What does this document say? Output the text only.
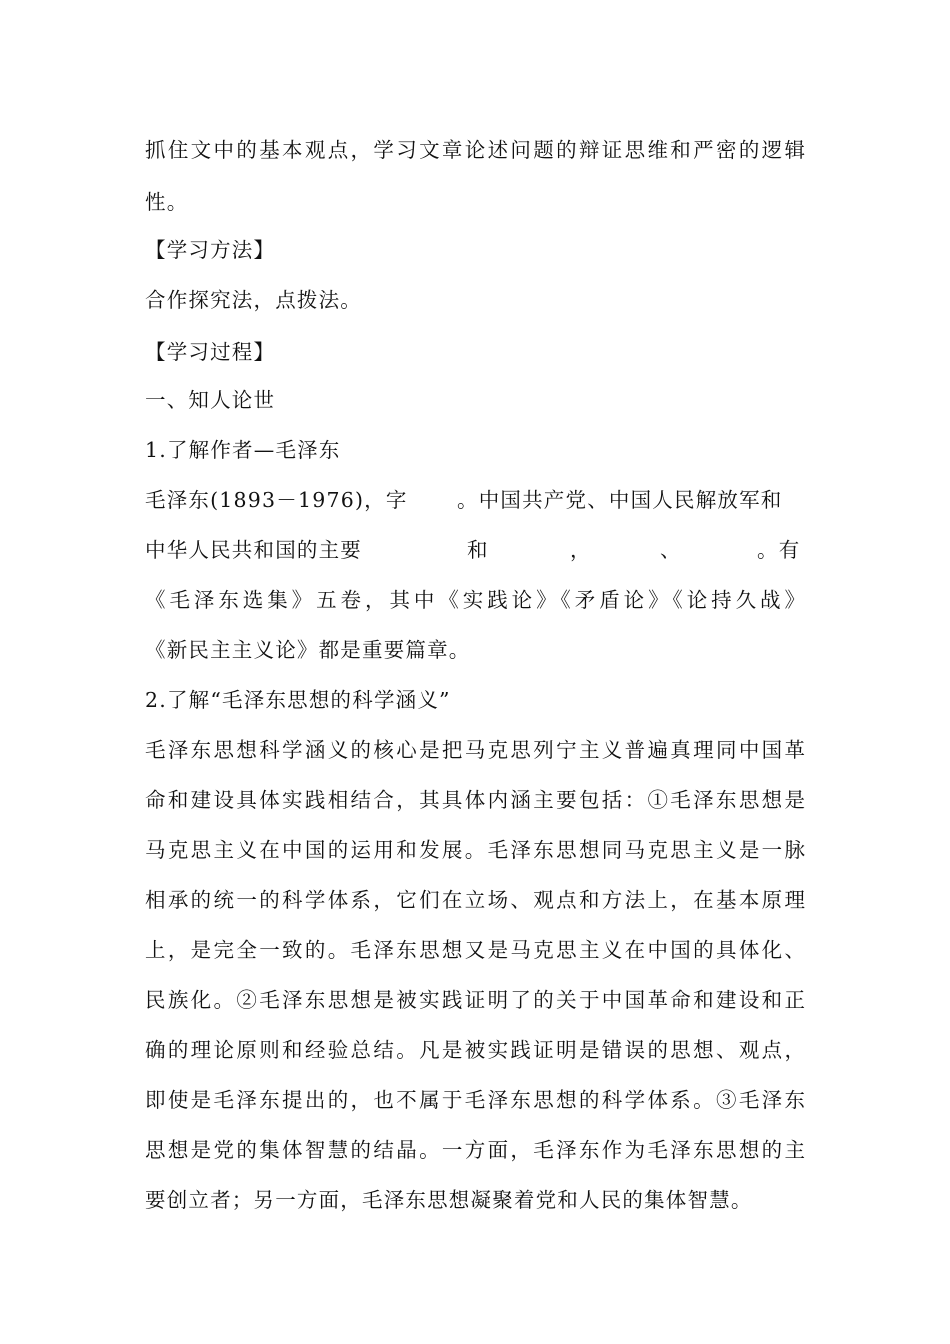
抓住文中的基本观点，学习文章论述问题的辩证思维和严密的逻辑
性。
【学习方法】
合作探究法，点拨法。
【学习过程】
一、知人论世
1.了解作者—毛泽东
毛泽东(1893－1976)，字 。中国共产党、中国人民解放军和
中华人民共和国的主要	和	，	、	。有
《毛泽东选集》五卷，其中《实践论》《矛盾论》《论持久战》
《新民主主义论》都是重要篇章。
2.了解“毛泽东思想的科学涵义”
毛泽东思想科学涵义的核心是把马克思列宁主义普遍真理同中国革
命和建设具体实践相结合，其具体内涵主要包括：①毛泽东思想是
马克思主义在中国的运用和发展。毛泽东思想同马克思主义是一脉
相承的统一的科学体系，它们在立场、观点和方法上，在基本原理
上，是完全一致的。毛泽东思想又是马克思主义在中国的具体化、
民族化。②毛泽东思想是被实践证明了的关于中国革命和建设和正
确的理论原则和经验总结。凡是被实践证明是错误的思想、观点，
即使是毛泽东提出的，也不属于毛泽东思想的科学体系。③毛泽东
思想是党的集体智慧的结晶。一方面，毛泽东作为毛泽东思想的主
要创立者；另一方面，毛泽东思想凝聚着党和人民的集体智慧。
